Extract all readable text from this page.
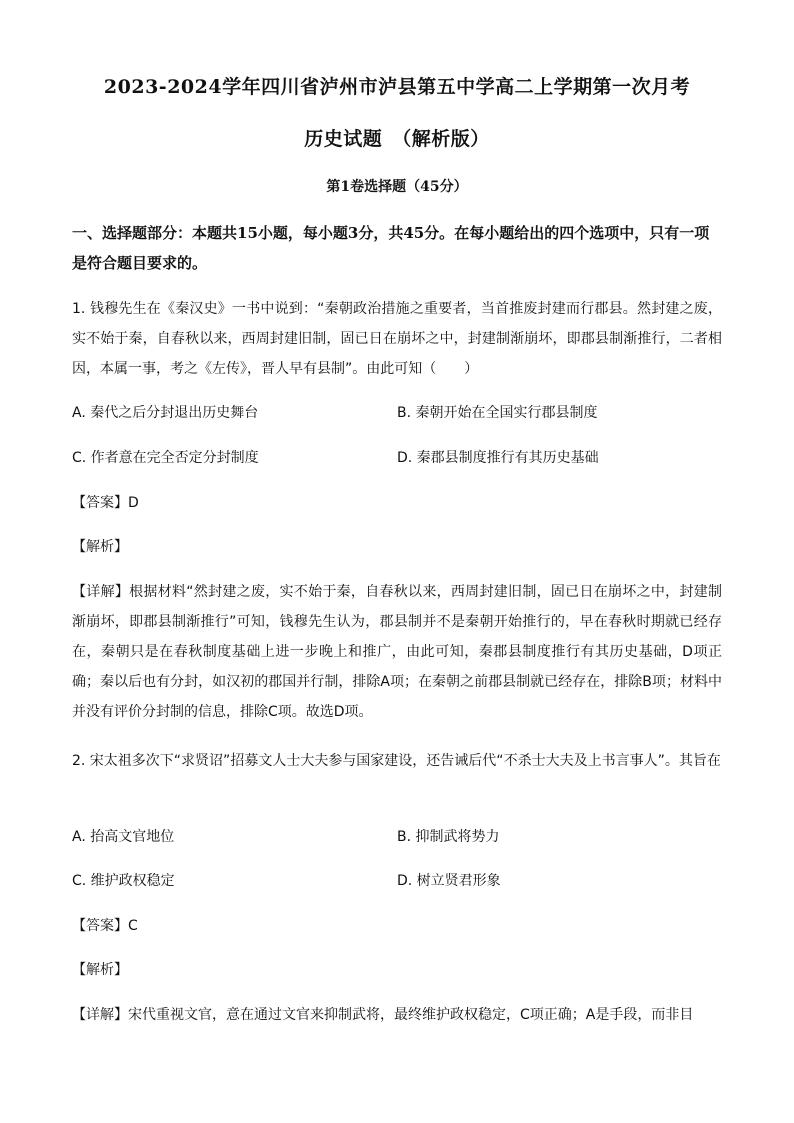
2023-2024学年四川省泸州市泸县第五中学高二上学期第一次月考
历史试题　（解析版）
第1卷选择题（45分）
一、选择题部分：本题共15小题，每小题3分，共45分。在每小题给出的四个选项中，只有一项是符合题目要求的。
1. 钱穆先生在《秦汉史》一书中说到：“秦朝政治措施之重要者，当首推废封建而行郡县。然封建之废，实不始于秦，自春秋以来，西周封建旧制，固已日在崩坏之中，封建制渐崩坏，即郡县制渐推行，二者相因，本属一事，考之《左传》，晋人早有县制”。由此可知（　　）
A. 秦代之后分封退出历史舞台	B. 秦朝开始在全国实行郡县制度
C. 作者意在完全否定分封制度	D. 秦郡县制度推行有其历史基础
【答案】D
【解析】
【详解】根据材料“然封建之废，实不始于秦，自春秋以来，西周封建旧制，固已日在崩坏之中，封建制渐崩坏，即郡县制渐推行”可知，钱穆先生认为，郡县制并不是秦朝开始推行的，早在春秋时期就已经存在，秦朝只是在春秋制度基础上进一步晚上和推广，由此可知，秦郡县制度推行有其历史基础，D项正确；秦以后也有分封，如汉初的郡国并行制，排除A项；在秦朝之前郡县制就已经存在，排除B项；材料中并没有评价分封制的信息，排除C项。故选D项。
2. 宋太祖多次下“求贤诏”招募文人士大夫参与国家建设，还告诫后代“不杀士大夫及上书言事人”。其旨在
A. 抬高文官地位	B. 抑制武将势力
C. 维护政权稳定	D. 树立贤君形象
【答案】C
【解析】
【详解】宋代重视文官，意在通过文官来抑制武将，最终维护政权稳定，C项正确；A是手段，而非目
